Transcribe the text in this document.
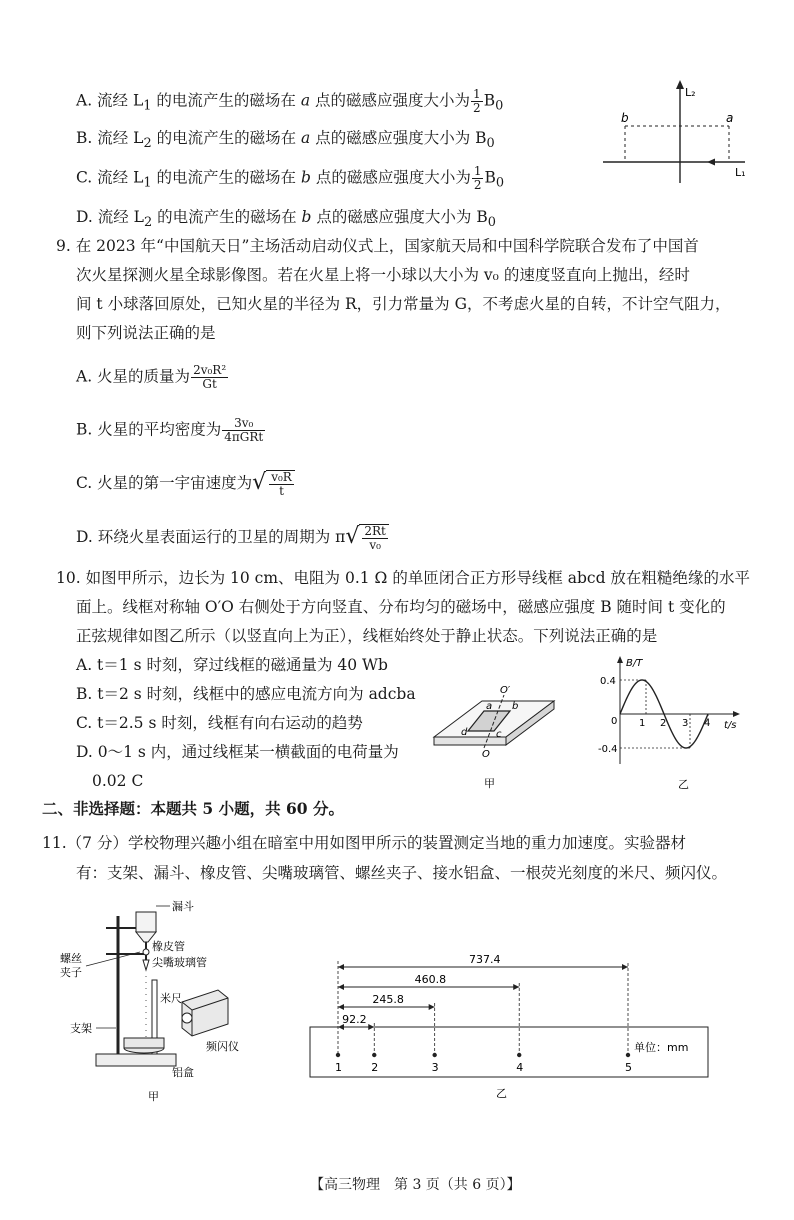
A. 流经 $L_1$ 的电流产生的磁场在 a 点的磁感应强度大小为 $\frac{1}{2} B_0$
B. 流经 $L_2$ 的电流产生的磁场在 a 点的磁感应强度大小为 $B_0$
C. 流经 $L_1$ 的电流产生的磁场在 b 点的磁感应强度大小为 $\frac{1}{2} B_0$
D. 流经 $L_2$ 的电流产生的磁场在 b 点的磁感应强度大小为 $B_0$
L₂
L₁
a
b
9. 在 2023 年“中国航天日”主场活动启动仪式上，国家航天局和中国科学院联合发布了中国首
次火星探测火星全球影像图。若在火星上将一小球以大小为 v₀ 的速度竖直向上抛出，经时
间 t 小球落回原处，已知火星的半径为 R，引力常量为 G，不考虑火星的自转，不计空气阻力，
则下列说法正确的是
A. 火星的质量为 $\frac{\text{2v₀R²}}{Gt}$
B. 火星的平均密度为 $\frac{\text{3v₀}}{\text{4πGRt}}$
C. 火星的第一宇宙速度为 √ $\frac{\text{v₀R}}{t}$
D. 环绕火星表面运行的卫星的周期为 π √ $\frac{2Rt}{\text{v₀}}$
10. 如图甲所示，边长为 10 cm、电阻为 0.1 Ω 的单匝闭合正方形导线框 abcd 放在粗糙绝缘的水平
面上。线框对称轴 O′O 右侧处于方向竖直、分布均匀的磁场中，磁感应强度 B 随时间 t 变化的
正弦规律如图乙所示（以竖直向上为正），线框始终处于静止状态。下列说法正确的是
A. t＝1 s 时刻，穿过线框的磁通量为 40 Wb
B. t＝2 s 时刻，线框中的感应电流方向为 adcba
C. t＝2.5 s 时刻，线框有向右运动的趋势
D. 0～1 s 内，通过线框某一横截面的电荷量为
0.02 C
O′
O
a b
c
d
甲
B/T
t/s
0.4
-0.4
0 1 2 3 4
乙
二、非选择题：本题共 5 小题，共 60 分。
11.（7 分）学校物理兴趣小组在暗室中用如图甲所示的装置测定当地的重力加速度。实验器材
有：支架、漏斗、橡皮管、尖嘴玻璃管、螺丝夹子、接水铝盒、一根荧光刻度的米尺、频闪仪。
漏斗
螺丝
夹子
橡皮管
尖嘴玻璃管
米尺
支架
频闪仪
铝盒
甲
1	2	3	4	5
737.4
460.8
245.8
92.2
单位：mm
乙
【高三物理　第 3 页（共 6 页）】
